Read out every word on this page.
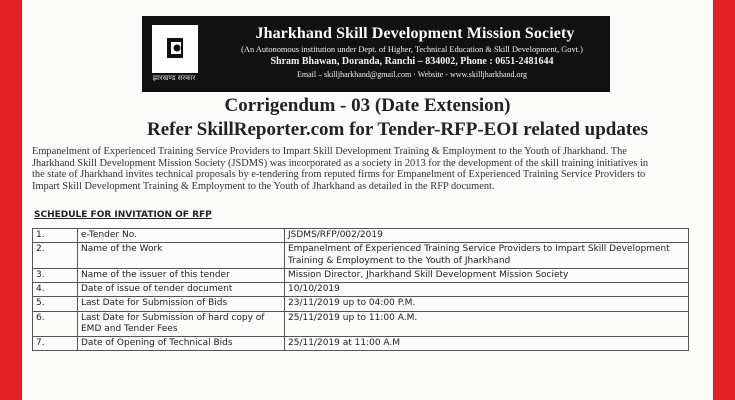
झारखण्ड सरकार
Jharkhand Skill Development Mission Society
(An Autonomous institution under Dept. of Higher, Technical Education & Skill Development, Govt.)
Shram Bhawan, Doranda, Ranchi – 834002, Phone : 0651-2481644
Email – skilljharkhand@gmail.com · Website - www.skilljharkhand.org
Corrigendum - 03 (Date Extension)
Refer SkillReporter.com for Tender-RFP-EOI related updates

Empanelment of Experienced Training Service Providers to Impart Skill Development Training & Employment to the Youth of Jharkhand. The

Jharkhand Skill Development Mission Society (JSDMS) was incorporated as a society in 2013 for the development of the skill training initiatives in

the state of Jharkhand invites technical proposals by e-tendering from reputed firms for Empanelment of Experienced Training Service Providers to

Impart Skill Development Training & Employment to the Youth of Jharkhand as detailed in the RFP document.

SCHEDULE FOR INVITATION OF RFP
1.	e-Tender No.	JSDMS/RFP/002/2019
2.	Name of the Work	Empanelment of Experienced Training Service Providers to Impart Skill Development Training & Employment to the Youth of Jharkhand
3.	Name of the issuer of this tender	Mission Director, Jharkhand Skill Development Mission Society
4.	Date of issue of tender document	10/10/2019
5.	Last Date for Submission of Bids	23/11/2019 up to 04:00 P.M.
6.	Last Date for Submission of hard copy of EMD and Tender Fees	25/11/2019 up to 11:00 A.M.
7.	Date of Opening of Technical Bids	25/11/2019 at 11:00 A.M
